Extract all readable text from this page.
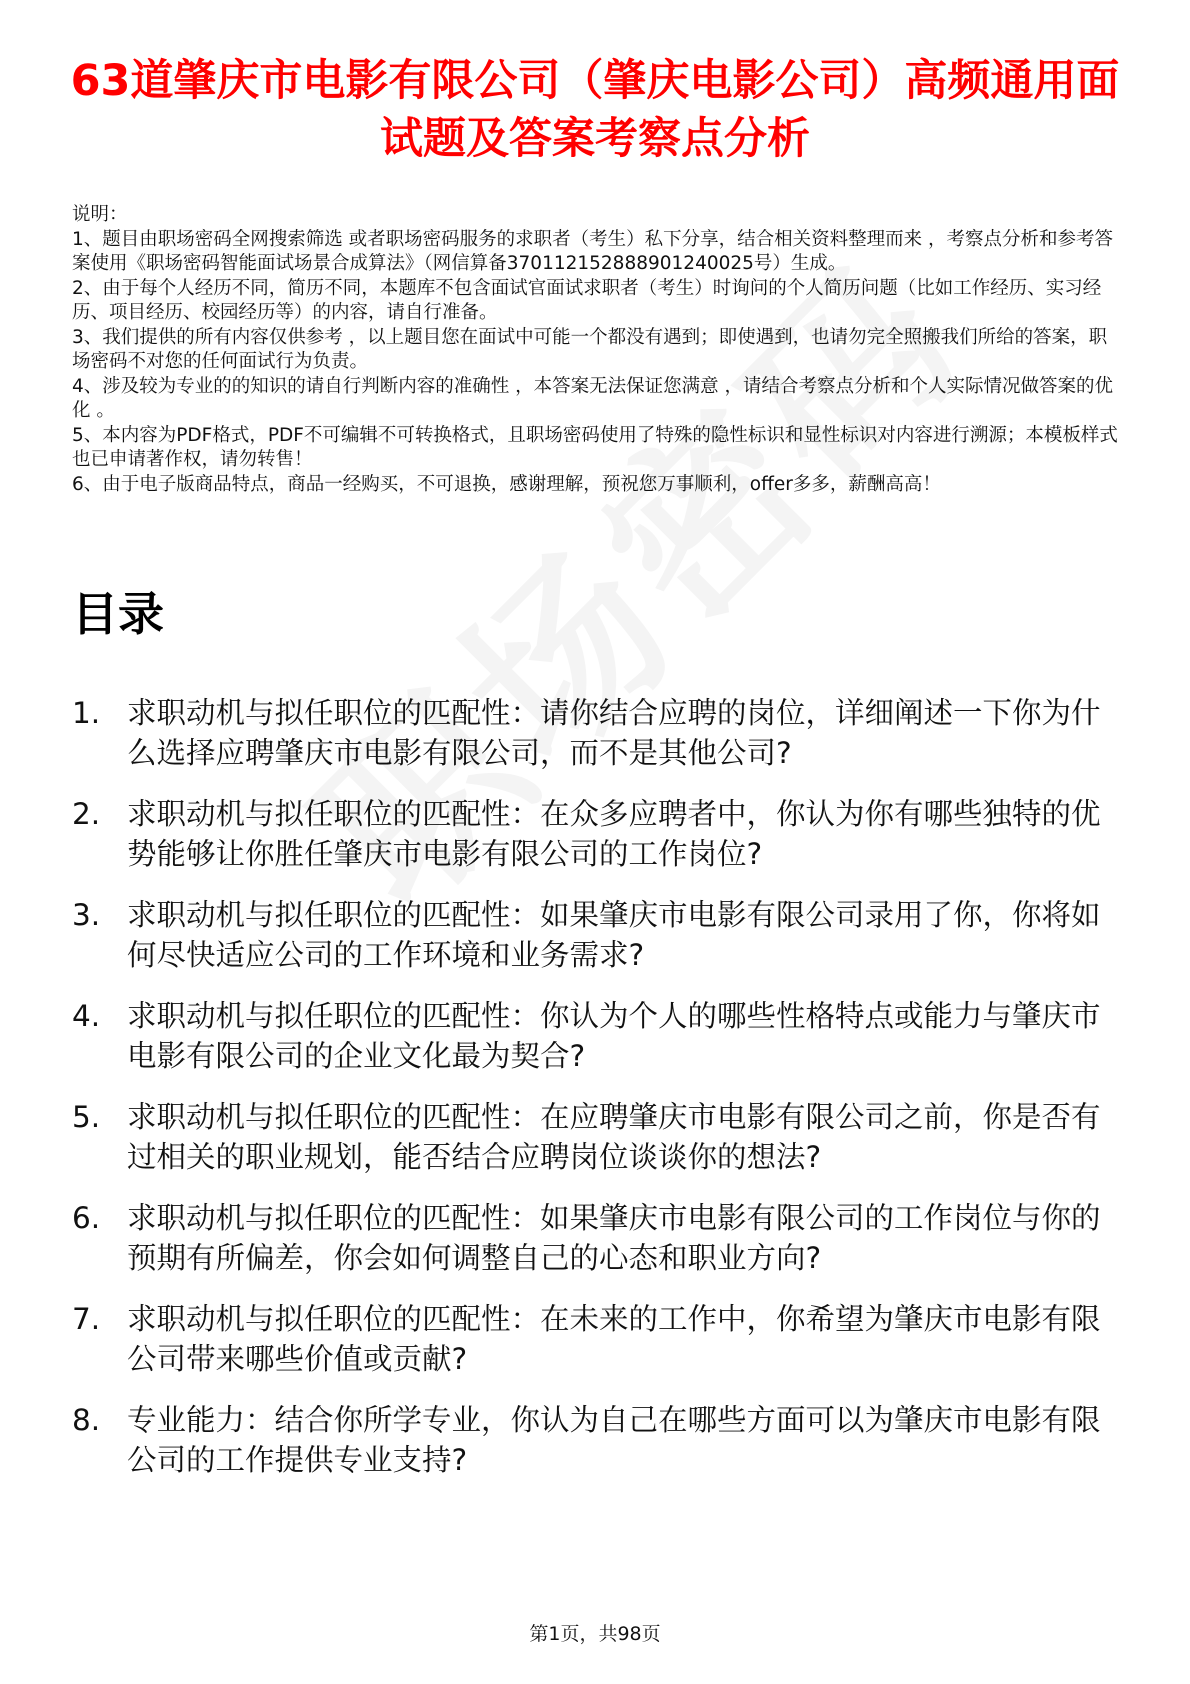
63道肇庆市电影有限公司（肇庆电影公司）高频通用面试题及答案考察点分析

说明：

1、题目由职场密码全网搜索筛选 或者职场密码服务的求职者（考生）私下分享，结合相关资料整理而来 ，考察点分析和参考答案使用《职场密码智能面试场景合成算法》（网信算备370112152888901240025号）生成。

2、由于每个人经历不同，简历不同，本题库不包含面试官面试求职者（考生）时询问的个人简历问题（比如工作经历、实习经历、项目经历、校园经历等）的内容，请自行准备。

3、我们提供的所有内容仅供参考 ，以上题目您在面试中可能一个都没有遇到；即使遇到，也请勿完全照搬我们所给的答案，职场密码不对您的任何面试行为负责。

4、涉及较为专业的的知识的请自行判断内容的准确性 ，本答案无法保证您满意 ，请结合考察点分析和个人实际情况做答案的优化 。

5、本内容为PDF格式，PDF不可编辑不可转换格式，且职场密码使用了特殊的隐性标识和显性标识对内容进行溯源；本模板样式也已申请著作权，请勿转售！

6、由于电子版商品特点，商品一经购买，不可退换，感谢理解，预祝您万事顺利，offer多多，薪酬高高！

目录
1. 求职动机与拟任职位的匹配性：请你结合应聘的岗位，详细阐述一下你为什么选择应聘肇庆市电影有限公司，而不是其他公司?
2. 求职动机与拟任职位的匹配性：在众多应聘者中，你认为你有哪些独特的优势能够让你胜任肇庆市电影有限公司的工作岗位?
3. 求职动机与拟任职位的匹配性：如果肇庆市电影有限公司录用了你，你将如何尽快适应公司的工作环境和业务需求?
4. 求职动机与拟任职位的匹配性：你认为个人的哪些性格特点或能力与肇庆市电影有限公司的企业文化最为契合?
5. 求职动机与拟任职位的匹配性：在应聘肇庆市电影有限公司之前，你是否有过相关的职业规划，能否结合应聘岗位谈谈你的想法?
6. 求职动机与拟任职位的匹配性：如果肇庆市电影有限公司的工作岗位与你的预期有所偏差，你会如何调整自己的心态和职业方向?
7. 求职动机与拟任职位的匹配性：在未来的工作中，你希望为肇庆市电影有限公司带来哪些价值或贡献?
8. 专业能力：结合你所学专业，你认为自己在哪些方面可以为肇庆市电影有限公司的工作提供专业支持?
第1页，共98页
